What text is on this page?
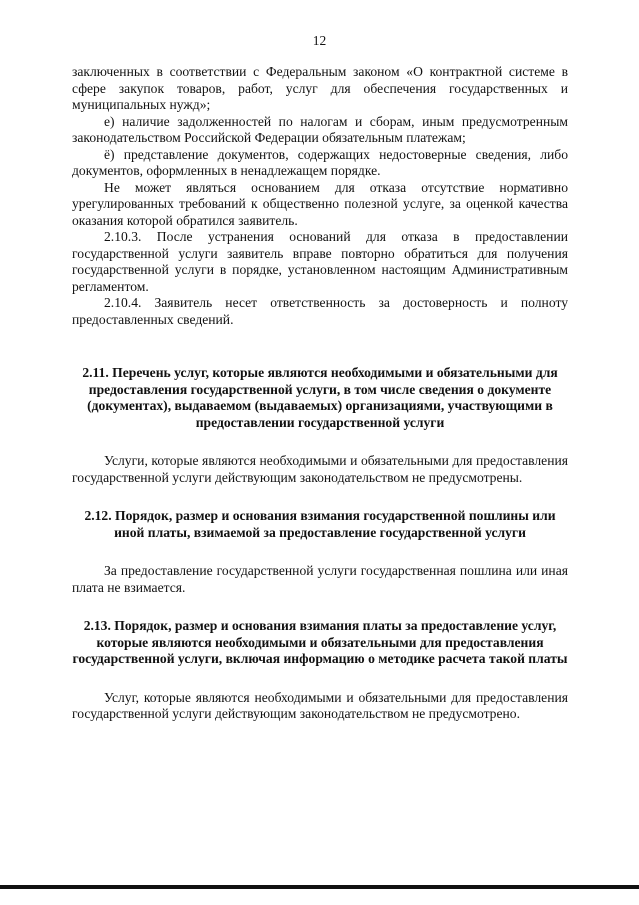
12

заключенных в соответствии с Федеральным законом «О контрактной системе в сфере закупок товаров, работ, услуг для обеспечения государственных и муниципальных нужд»;

е) наличие задолженностей по налогам и сборам, иным предусмотренным законодательством Российской Федерации обязательным платежам;

ё) представление документов, содержащих недостоверные сведения, либо документов, оформленных в ненадлежащем порядке.

Не может являться основанием для отказа отсутствие нормативно урегулированных требований к общественно полезной услуге, за оценкой качества оказания которой обратился заявитель.

2.10.3. После устранения оснований для отказа в предоставлении государственной услуги заявитель вправе повторно обратиться для получения государственной услуги в порядке, установленном настоящим Административным регламентом.

2.10.4. Заявитель несет ответственность за достоверность и полноту предоставленных сведений.

2.11. Перечень услуг, которые являются необходимыми и обязательными для предоставления государственной услуги, в том числе сведения о документе (документах), выдаваемом (выдаваемых) организациями, участвующими в предоставлении государственной услуги

Услуги, которые являются необходимыми и обязательными для предоставления государственной услуги действующим законодательством не предусмотрены.

2.12. Порядок, размер и основания взимания государственной пошлины или иной платы, взимаемой за предоставление государственной услуги

За предоставление государственной услуги государственная пошлина или иная плата не взимается.

2.13. Порядок, размер и основания взимания платы за предоставление услуг, которые являются необходимыми и обязательными для предоставления государственной услуги, включая информацию о методике расчета такой платы

Услуг, которые являются необходимыми и обязательными для предоставления государственной услуги действующим законодательством не предусмотрено.
